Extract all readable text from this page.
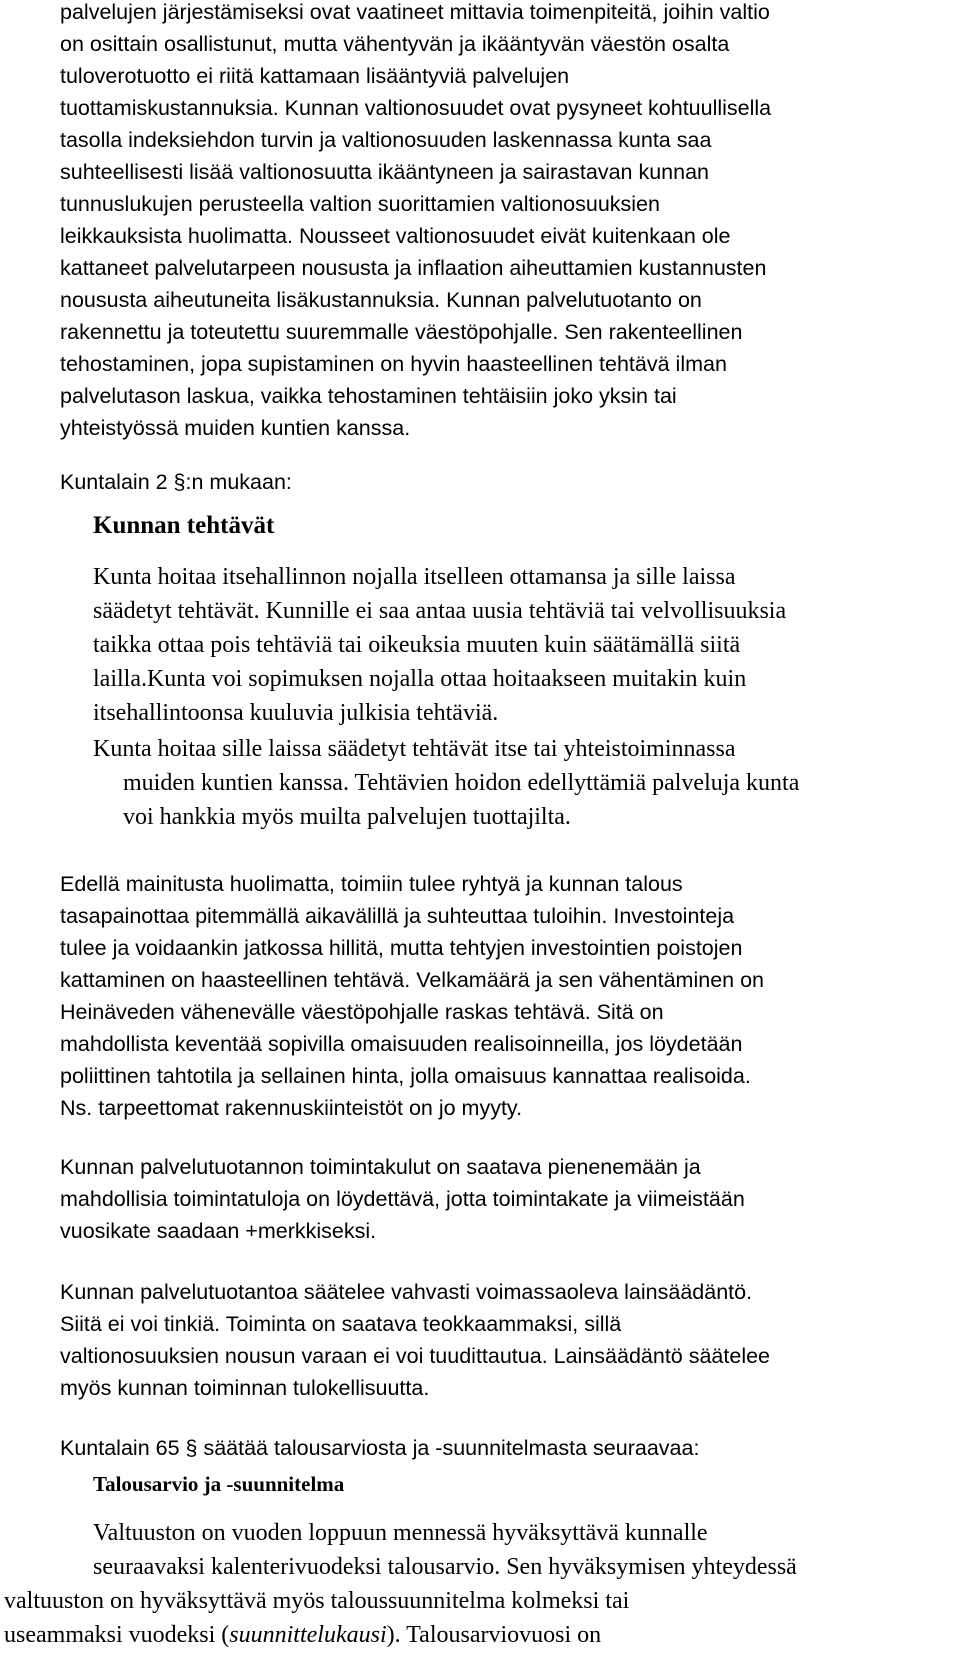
palvelujen järjestämiseksi ovat vaatineet mittavia toimenpiteitä, joihin valtio
on osittain osallistunut, mutta vähentyvän ja ikääntyvän väestön osalta
tuloverotuotto ei riitä kattamaan lisääntyviä palvelujen
tuottamiskustannuksia. Kunnan valtionosuudet ovat pysyneet kohtuullisella
tasolla indeksiehdon turvin ja valtionosuuden laskennassa kunta saa
suhteellisesti lisää valtionosuutta ikääntyneen ja sairastavan kunnan
tunnuslukujen perusteella valtion suorittamien valtionosuuksien
leikkauksista huolimatta. Nousseet valtionosuudet eivät kuitenkaan ole
kattaneet palvelutarpeen noususta ja inflaation aiheuttamien kustannusten
noususta aiheutuneita lisäkustannuksia. Kunnan palvelutuotanto on
rakennettu ja toteutettu suuremmalle väestöpohjalle. Sen rakenteellinen
tehostaminen, jopa supistaminen on hyvin haasteellinen tehtävä ilman
palvelutason laskua, vaikka tehostaminen tehtäisiin joko yksin tai
yhteistyössä muiden kuntien kanssa.
Kuntalain 2 §:n mukaan:
Kunnan tehtävät
Kunta hoitaa itsehallinnon nojalla itselleen ottamansa ja sille laissa
säädetyt tehtävät. Kunnille ei saa antaa uusia tehtäviä tai velvollisuuksia
taikka ottaa pois tehtäviä tai oikeuksia muuten kuin säätämällä siitä
lailla.Kunta voi sopimuksen nojalla ottaa hoitaakseen muitakin kuin
itsehallintoonsa kuuluvia julkisia tehtäviä.
Kunta hoitaa sille laissa säädetyt tehtävät itse tai yhteistoiminnassa
muiden kuntien kanssa. Tehtävien hoidon edellyttämiä palveluja kunta
voi hankkia myös muilta palvelujen tuottajilta.
Edellä mainitusta huolimatta, toimiin tulee ryhtyä ja kunnan talous
tasapainottaa pitemmällä aikavälillä ja suhteuttaa tuloihin. Investointeja
tulee ja voidaankin jatkossa hillitä, mutta tehtyjen investointien poistojen
kattaminen on haasteellinen tehtävä. Velkamäärä ja sen vähentäminen on
Heinäveden vähenevälle väestöpohjalle raskas tehtävä. Sitä on
mahdollista keventää sopivilla omaisuuden realisoinneilla, jos löydetään
poliittinen tahtotila ja sellainen hinta, jolla omaisuus kannattaa realisoida.
Ns. tarpeettomat rakennuskiinteistöt on jo myyty.
Kunnan palvelutuotannon toimintakulut on saatava pienenemään ja
mahdollisia toimintatuloja on löydettävä, jotta toimintakate ja viimeistään
vuosikate saadaan +merkkiseksi.
Kunnan palvelutuotantoa säätelee vahvasti voimassaoleva lainsäädäntö.
Siitä ei voi tinkiä. Toiminta on saatava teokkaammaksi, sillä
valtionosuuksien nousun varaan ei voi tuudittautua. Lainsäädäntö säätelee
myös kunnan toiminnan tulokellisuutta.
Kuntalain 65 § säätää talousarviosta ja -suunnitelmasta seuraavaa:
Talousarvio ja -suunnitelma
Valtuuston on vuoden loppuun mennessä hyväksyttävä kunnalle
seuraavaksi kalenterivuodeksi talousarvio. Sen hyväksymisen yhteydessä
valtuuston on hyväksyttävä myös taloussuunnitelma kolmeksi tai
useammaksi vuodeksi (suunnittelukausi). Talousarviovuosi on
